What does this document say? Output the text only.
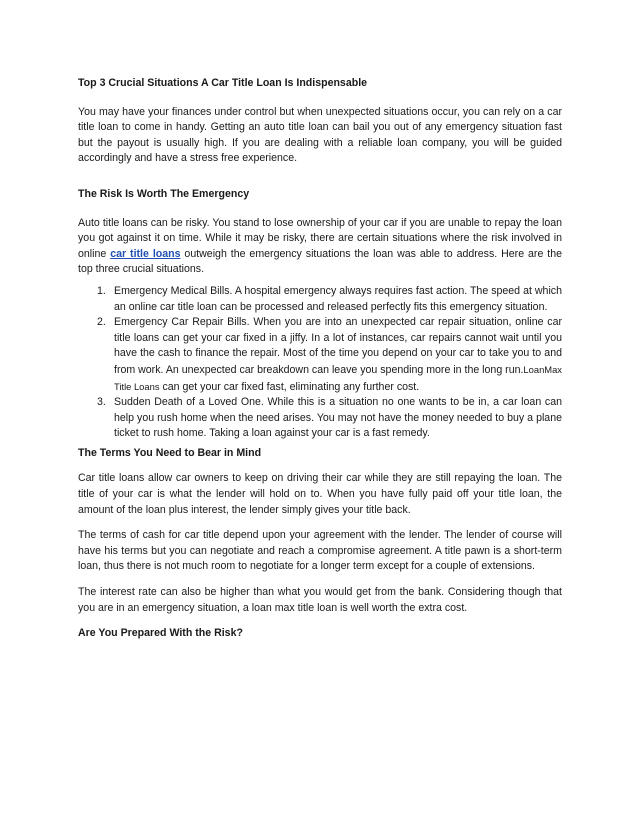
Top 3 Crucial Situations A Car Title Loan Is Indispensable

You may have your finances under control but when unexpected situations occur, you can rely on a car title loan to come in handy. Getting an auto title loan can bail you out of any emergency situation fast but the payout is usually high. If you are dealing with a reliable loan company, you will be guided accordingly and have a stress free experience.

The Risk Is Worth The Emergency

Auto title loans can be risky. You stand to lose ownership of your car if you are unable to repay the loan you got against it on time. While it may be risky, there are certain situations where the risk involved in online car title loans outweigh the emergency situations the loan was able to address. Here are the top three crucial situations.

1. Emergency Medical Bills. A hospital emergency always requires fast action. The speed at which an online car title loan can be processed and released perfectly fits this emergency situation.
2. Emergency Car Repair Bills. When you are into an unexpected car repair situation, online car title loans can get your car fixed in a jiffy. In a lot of instances, car repairs cannot wait until you have the cash to finance the repair. Most of the time you depend on your car to take you to and from work. An unexpected car breakdown can leave you spending more in the long run.LoanMax Title Loans can get your car fixed fast, eliminating any further cost.
3. Sudden Death of a Loved One. While this is a situation no one wants to be in, a car loan can help you rush home when the need arises. You may not have the money needed to buy a plane ticket to rush home. Taking a loan against your car is a fast remedy.
The Terms You Need to Bear in Mind

Car title loans allow car owners to keep on driving their car while they are still repaying the loan. The title of your car is what the lender will hold on to. When you have fully paid off your title loan, the amount of the loan plus interest, the lender simply gives your title back.

The terms of cash for car title depend upon your agreement with the lender. The lender of course will have his terms but you can negotiate and reach a compromise agreement. A title pawn is a short-term loan, thus there is not much room to negotiate for a longer term except for a couple of extensions.

The interest rate can also be higher than what you would get from the bank. Considering though that you are in an emergency situation, a loan max title loan is well worth the extra cost.

Are You Prepared With the Risk?
